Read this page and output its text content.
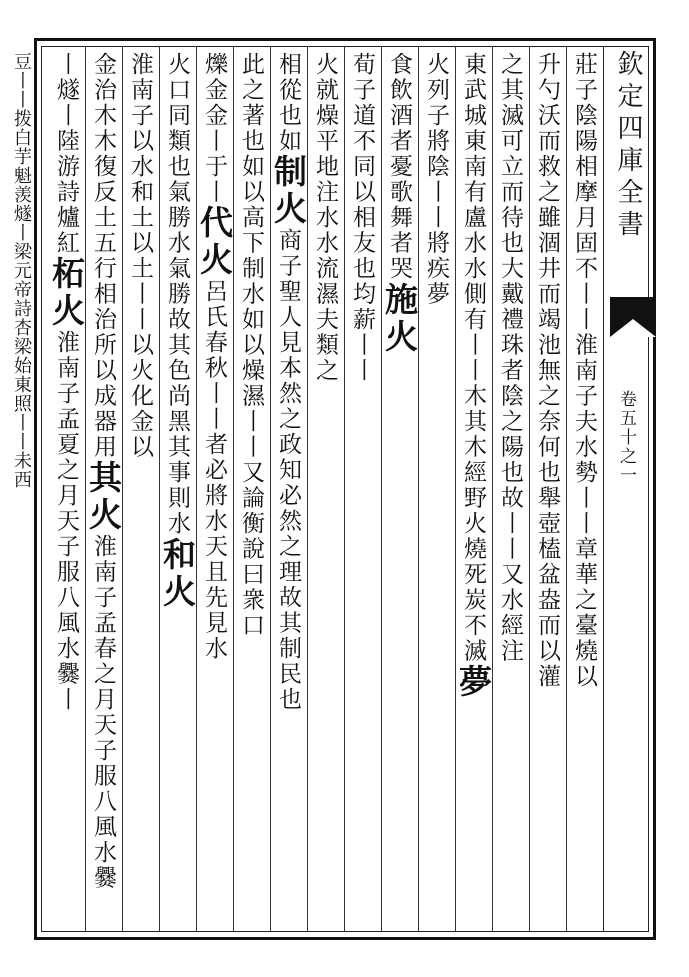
欽定四庫全書
卷五十之一
莊子陰陽相摩月固不丨丨淮南子夫水勢丨丨章華之臺燒以
升勺沃而救之雖涸井而竭池無之奈何也舉壺榼盆盎而以灌
之其滅可立而待也大戴禮珠者陰之陽也故丨丨又水經注
東武城東南有盧水水側有丨丨木其木經野火燒死炭不滅夢
火列子將陰丨丨將疾夢
食飲酒者憂歌舞者哭施火
荀子道不同以相友也均薪丨丨
火就燥平地注水水流濕夫類之
相從也如制火商子聖人見本然之政知必然之理故其制民也
此之著也如以高下制水如以燥濕丨丨又論衡說曰衆口
爍金金丨于丨代火呂氏春秋丨丨者必將水天且先見水
火口同類也氣勝水氣勝故其色尚黑其事則水和火
淮南子以水和土以土丨丨以火化金以
金治木木復反土五行相治所以成器用其火淮南子孟春之月天子服八風水爨
丨燧丨陸游詩爐紅柘火淮南子孟夏之月天子服八風水爨丨
豆丨丨拨白芋魁羡燧丨梁元帝詩杏梁始東照丨丨未西
